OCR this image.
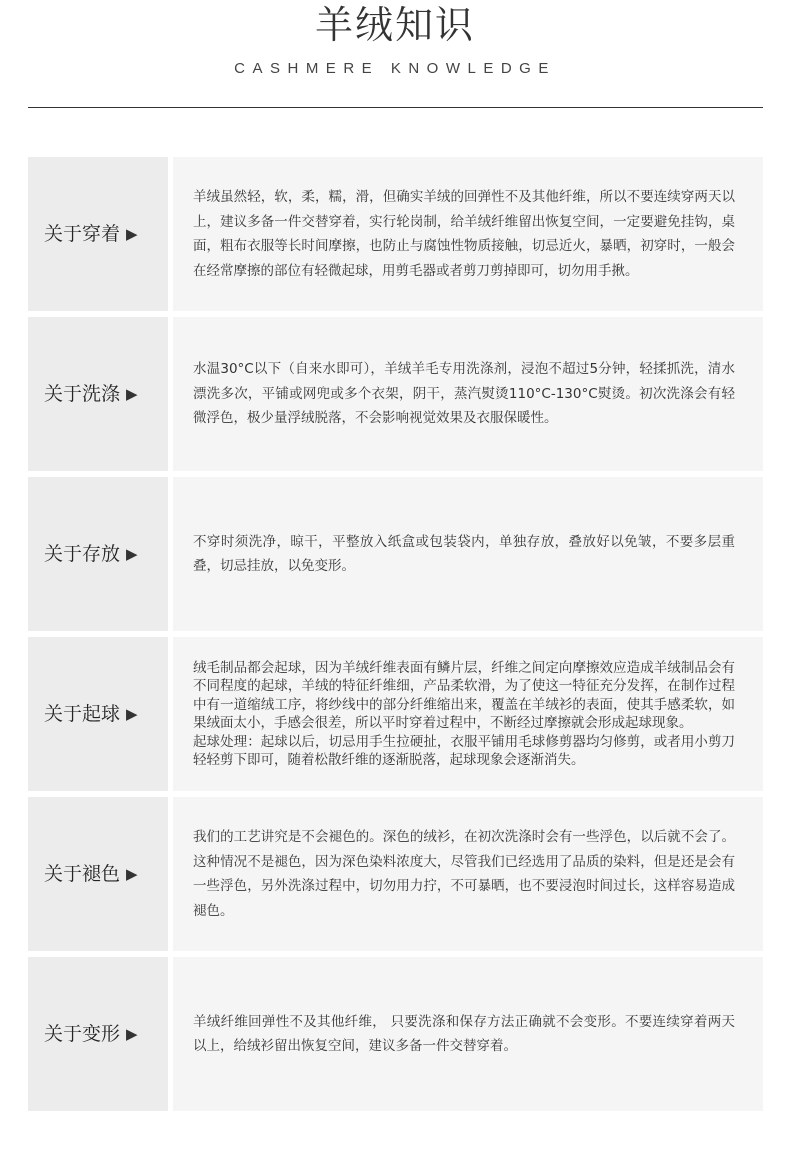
羊绒知识
CASHMERE KNOWLEDGE
关于穿着 ▶
羊绒虽然轻，软，柔，糯，滑，但确实羊绒的回弹性不及其他纤维，所以不要连续穿两天以上，建议多备一件交替穿着，实行轮岗制，给羊绒纤维留出恢复空间，一定要避免挂钩，桌面，粗布衣服等长时间摩擦，也防止与腐蚀性物质接触，切忌近火，暴晒，初穿时，一般会在经常摩擦的部位有轻微起球，用剪毛器或者剪刀剪掉即可，切勿用手揪。
关于洗涤 ▶
水温30°C以下（自来水即可），羊绒羊毛专用洗涤剂，浸泡不超过5分钟，轻揉抓洗，清水漂洗多次，平铺或网兜或多个衣架，阴干，蒸汽熨烫110°C-130°C熨烫。初次洗涤会有轻微浮色，极少量浮绒脱落，不会影响视觉效果及衣服保暖性。
关于存放 ▶
不穿时须洗净，晾干，平整放入纸盒或包装袋内，单独存放，叠放好以免皱，不要多层重叠，切忌挂放，以免变形。
关于起球 ▶
绒毛制品都会起球，因为羊绒纤维表面有鳞片层，纤维之间定向摩擦效应造成羊绒制品会有不同程度的起球，羊绒的特征纤维细，产品柔软滑，为了使这一特征充分发挥，在制作过程中有一道缩绒工序，将纱线中的部分纤维缩出来，覆盖在羊绒衫的表面，使其手感柔软，如果绒面太小，手感会很差，所以平时穿着过程中，不断经过摩擦就会形成起球现象。
起球处理：起球以后，切忌用手生拉硬扯，衣服平铺用毛球修剪器均匀修剪，或者用小剪刀轻轻剪下即可，随着松散纤维的逐渐脱落，起球现象会逐渐消失。
关于褪色 ▶
我们的工艺讲究是不会褪色的。深色的绒衫，在初次洗涤时会有一些浮色，以后就不会了。这种情况不是褪色，因为深色染料浓度大，尽管我们已经选用了品质的染料，但是还是会有一些浮色，另外洗涤过程中，切勿用力拧，不可暴晒，也不要浸泡时间过长，这样容易造成褪色。
关于变形 ▶
羊绒纤维回弹性不及其他纤维， 只要洗涤和保存方法正确就不会变形。不要连续穿着两天以上，给绒衫留出恢复空间，建议多备一件交替穿着。
